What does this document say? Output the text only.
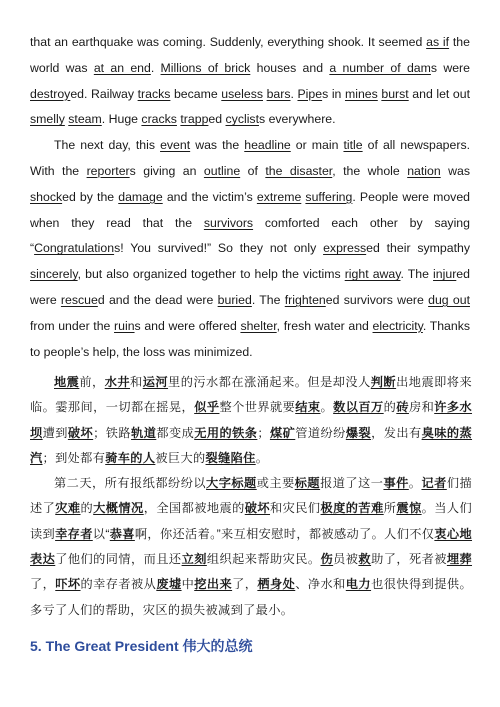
that an earthquake was coming. Suddenly, everything shook. It seemed as if the world was at an end. Millions of brick houses and a number of dams were destroyed. Railway tracks became useless bars. Pipes in mines burst and let out smelly steam. Huge cracks trapped cyclists everywhere.

The next day, this event was the headline or main title of all newspapers. With the reporters giving an outline of the disaster, the whole nation was shocked by the damage and the victim’s extreme suffering. People were moved when they read that the survivors comforted each other by saying “Congratulations! You survived!” So they not only expressed their sympathy sincerely, but also organized together to help the victims right away. The injured were rescued and the dead were buried. The frightened survivors were dug out from under the ruins and were offered shelter, fresh water and electricity. Thanks to people’s help, the loss was minimized.

地震前，水井和运河里的污水都在涨涌起来。但是却没人判断出地震即将来临。霎那间，一切都在摇晃，似乎整个世界就要结束。数以百万的砖房和许多水坝遭到破坏；铁路轨道都变成无用的铁条；煤矿管道纷纷爆裂，发出有臭味的蒸汽；到处都有骑车的人被巨大的裂缝陷住。

第二天，所有报纸都纷纷以大字标题或主要标题报道了这一事件。记者们描述了灾难的大概情况，全国都被地震的破坏和灾民们极度的苦难所震惊。当人们读到幸存者以“恭喜啊，你还活着。”来互相安慰时，都被感动了。人们不仅衷心地表达了他们的同情，而且还立刻组织起来帮助灾民。伤员被救助了，死者被埋葬了，吓坏的幸存者被从废墟中挖出来了，栖身处、净水和电力也很快得到提供。多亏了人们的帮助，灾区的损失被减到了最小。

5. The Great President 伟大的总统
